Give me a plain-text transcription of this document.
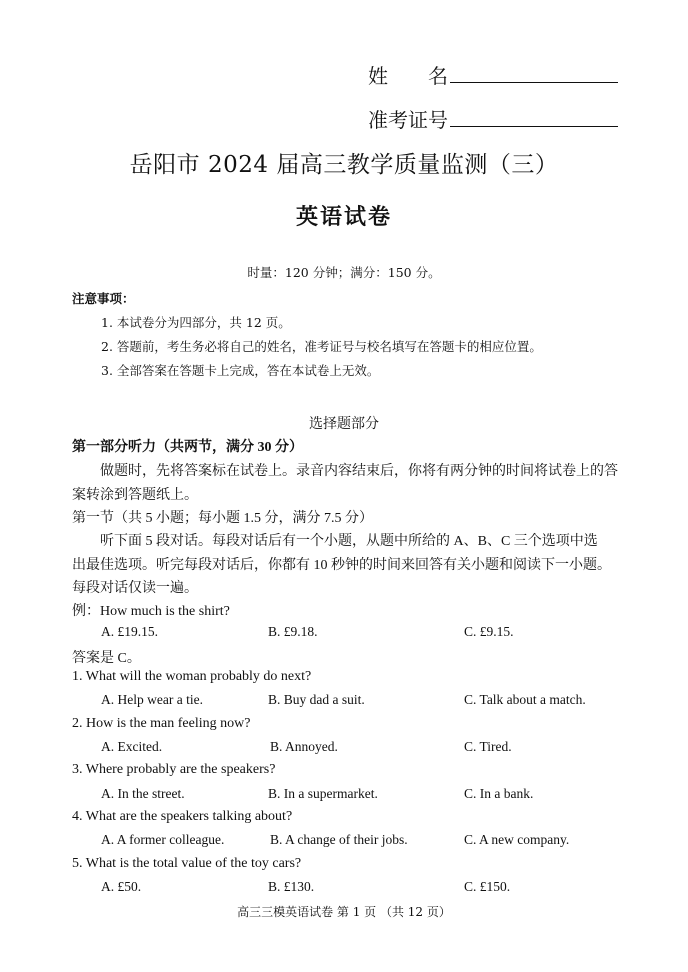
姓　　名
准考证号
岳阳市 2024 届高三教学质量监测（三）
英语试卷
时量：120 分钟；满分：150 分。
注意事项：
1. 本试卷分为四部分，共 12 页。
2. 答题前，考生务必将自己的姓名，准考证号与校名填写在答题卡的相应位置。
3. 全部答案在答题卡上完成，答在本试卷上无效。
选择题部分
第一部分听力（共两节，满分 30 分）
做题时，先将答案标在试卷上。录音内容结束后，你将有两分钟的时间将试卷上的答
案转涂到答题纸上。
第一节（共 5 小题；每小题 1.5 分，满分 7.5 分）
听下面 5 段对话。每段对话后有一个小题，从题中所给的 A、B、C 三个选项中选
出最佳选项。听完每段对话后，你都有 10 秒钟的时间来回答有关小题和阅读下一小题。
每段对话仅读一遍。
例：How much is the shirt?
A. £19.15.	B. £9.18.	C. £9.15.
答案是 C。
1. What will the woman probably do next?
A. Help wear a tie.	B. Buy dad a suit.	C. Talk about a match.
2. How is the man feeling now?
A. Excited.	B. Annoyed.	C. Tired.
3. Where probably are the speakers?
A. In the street.	B. In a supermarket.	C. In a bank.
4. What are the speakers talking about?
A. A former colleague.	B. A change of their jobs.	C. A new company.
5. What is the total value of the toy cars?
A. £50.	B. £130.	C. £150.
高三三模英语试卷 第 1 页 （共 12 页）
